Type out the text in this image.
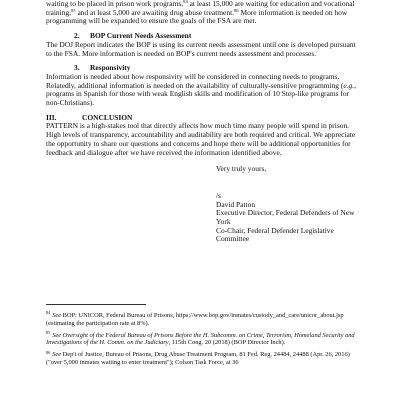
waiting to be placed in prison work programs,$^{84}$ at least 15,000 are waiting for education and vocational training,$^{85}$ and at least 5,000 are awaiting drug abuse treatment.$^{86}$ More information is needed on how programming will be expanded to ensure the goals of the FSA are met.

2. BOP Current Needs Assessment

The DOJ Report indicates the BOP is using its current needs assessment until one is developed pursuant to the FSA. More information is needed on BOP's current needs assessment and processes.

3. Responsivity

Information is needed about how responsivity will be considered in connecting needs to programs. Relatedly, additional information is needed on the availability of culturally-sensitive programming (e.g., programs in Spanish for those with weak English skills and modification of 10 Step-like programs for non-Christians).

III.	CONCLUSION

PATTERN is a high-stakes tool that directly affects how much time many people will spend in prison. High levels of transparency, accountability and auditability are both required and critical. We appreciate the opportunity to share our questions and concerns and hope there will be additional opportunities for feedback and dialogue after we have received the information identified above.

Very truly yours,

/s

David Patton

Executive Director, Federal Defenders of New York

Co-Chair, Federal Defender Legislative Committee

$^{84}$ See BOP: UNICOR, Federal Bureau of Prisons, https://www.bop.gov/inmates/custody_and_care/unicor_about.jsp (estimating the participation rate at 8%).

$^{85}$ See Oversight of the Federal Bureau of Prisons Before the H. Subcomm. on Crime, Terrorism, Homeland Security and Investigations of the H. Comm. on the Judiciary, 115th Cong. 20 (2018) (BOP Director Inch).

$^{86}$ See Dep't of Justice, Bureau of Prisons, Drug Abuse Treatment Program, 81 Fed. Reg. 24484, 24488 (Apr. 26, 2016) ("over 5,000 inmates waiting to enter treatment"); Colson Task Force, at 36
